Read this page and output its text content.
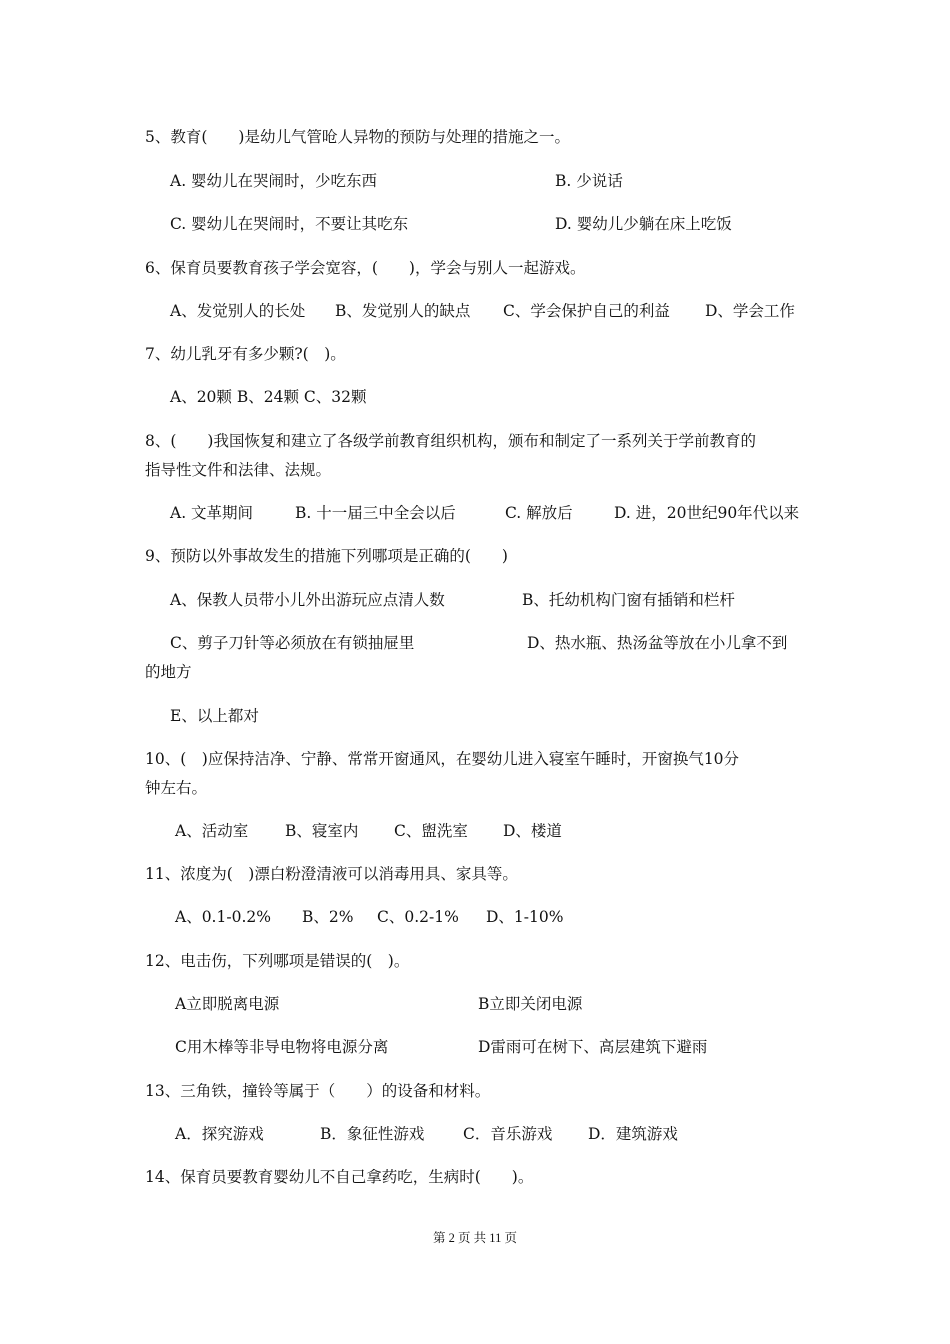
5、教育(　　)是幼儿气管呛人异物的预防与处理的措施之一。
A. 婴幼儿在哭闹时，少吃东西	B. 少说话
C. 婴幼儿在哭闹时，不要让其吃东	D. 婴幼儿少躺在床上吃饭
6、保育员要教育孩子学会宽容，(　　)，学会与别人一起游戏。
A、发觉别人的长处 B、发觉别人的缺点 C、学会保护自己的利益 D、学会工作
7、幼儿乳牙有多少颗?(　)。
A、20颗 B、24颗 C、32颗
8、(　　)我国恢复和建立了各级学前教育组织机构，颁布和制定了一系列关于学前教育的
指导性文件和法律、法规。
A. 文革期间	B. 十一届三中全会以后	C. 解放后	D. 进，20世纪90年代以来
9、预防以外事故发生的措施下列哪项是正确的(　　)
A、保教人员带小儿外出游玩应点清人数	B、托幼机构门窗有插销和栏杆
C、剪子刀针等必须放在有锁抽屉里	D、热水瓶、热汤盆等放在小儿拿不到
的地方
E、以上都对
10、(　)应保持洁净、宁静、常常开窗通风，在婴幼儿进入寝室午睡时，开窗换气10分
钟左右。
A、活动室 B、寝室内 C、盥洗室 D、楼道
11、浓度为(　)漂白粉澄清液可以消毒用具、家具等。
A、0.1-0.2% B、2% C、0.2-1% D、1-10%
12、电击伤，下列哪项是错误的(　)。
A立即脱离电源	B立即关闭电源
C用木棒等非导电物将电源分离	D雷雨可在树下、高层建筑下避雨
13、三角铁，撞铃等属于（　　）的设备和材料。
A．探究游戏	B．象征性游戏 C．音乐游戏 D．建筑游戏
14、保育员要教育婴幼儿不自己拿药吃，生病时(　　)。
第 2 页 共 11 页
